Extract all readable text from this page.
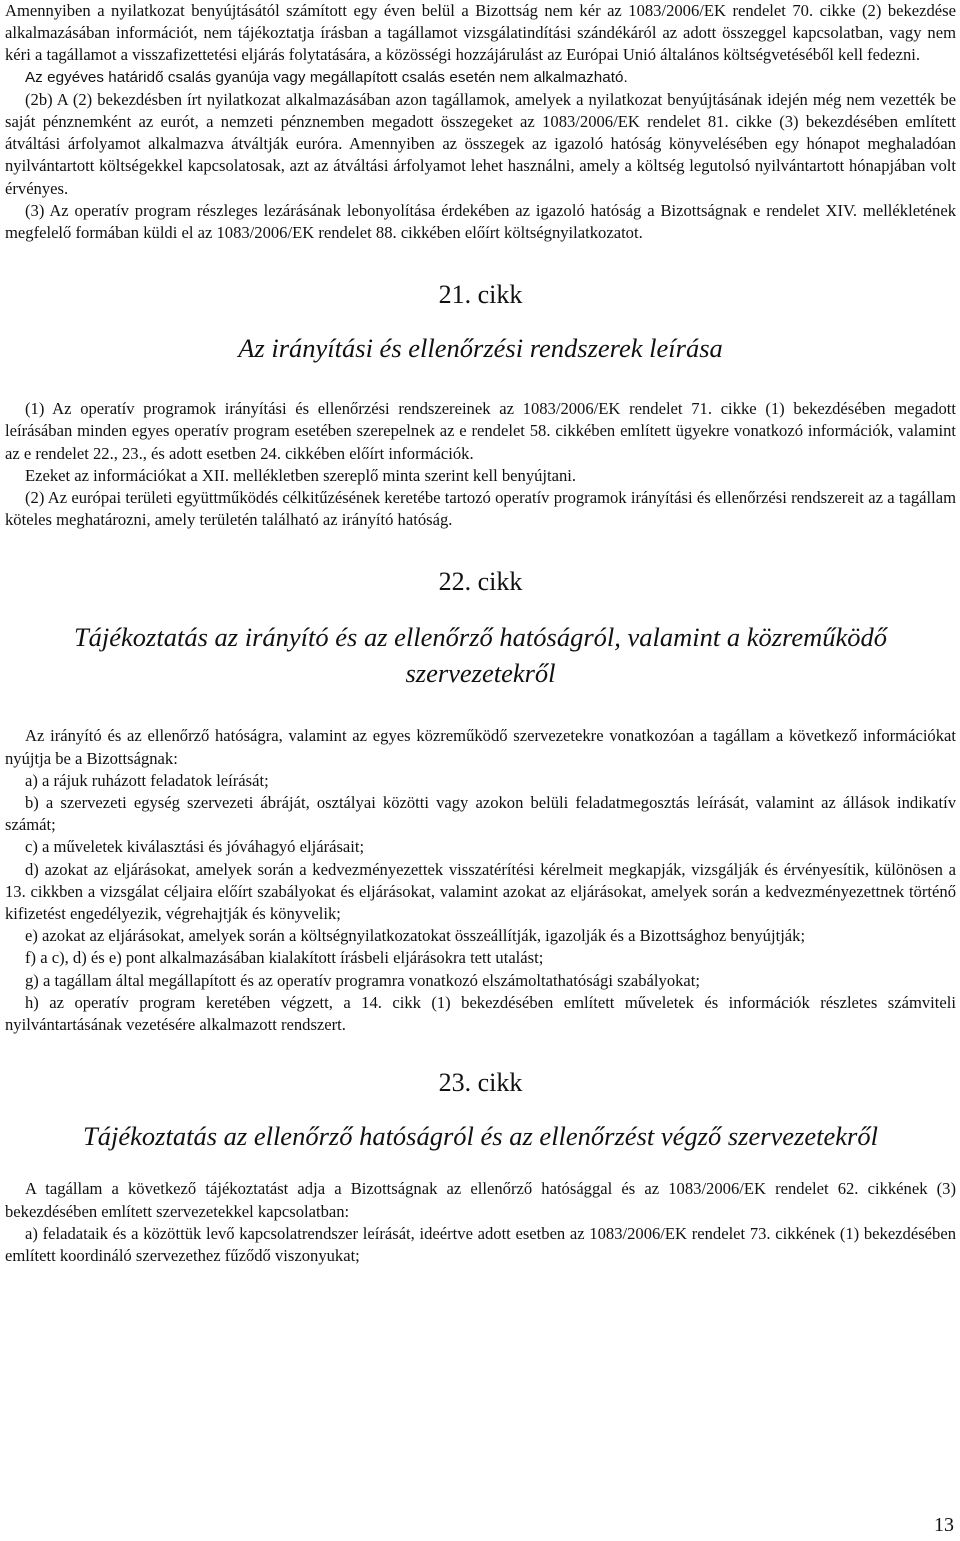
Amennyiben a nyilatkozat benyújtásától számított egy éven belül a Bizottság nem kér az 1083/2006/EK rendelet 70. cikke (2) bekezdése alkalmazásában információt, nem tájékoztatja írásban a tagállamot vizsgálatindítási szándékáról az adott összeggel kapcsolatban, vagy nem kéri a tagállamot a visszafizettetési eljárás folytatására, a közösségi hozzájárulást az Európai Unió általános költségvetéséből kell fedezni.

Az egyéves határidő csalás gyanúja vagy megállapított csalás esetén nem alkalmazható.

(2b) A (2) bekezdésben írt nyilatkozat alkalmazásában azon tagállamok, amelyek a nyilatkozat benyújtásának idején még nem vezették be saját pénznemként az eurót, a nemzeti pénznemben megadott összegeket az 1083/2006/EK rendelet 81. cikke (3) bekezdésében említett átváltási árfolyamot alkalmazva átváltják euróra. Amennyiben az összegek az igazoló hatóság könyvelésében egy hónapot meghaladóan nyilvántartott költségekkel kapcsolatosak, azt az átváltási árfolyamot lehet használni, amely a költség legutolsó nyilvántartott hónapjában volt érvényes.

(3) Az operatív program részleges lezárásának lebonyolítása érdekében az igazoló hatóság a Bizottságnak e rendelet XIV. mellékletének megfelelő formában küldi el az 1083/2006/EK rendelet 88. cikkében előírt költségnyilatkozatot.

21. cikk
Az irányítási és ellenőrzési rendszerek leírása

(1) Az operatív programok irányítási és ellenőrzési rendszereinek az 1083/2006/EK rendelet 71. cikke (1) bekezdésében megadott leírásában minden egyes operatív program esetében szerepelnek az e rendelet 58. cikkében említett ügyekre vonatkozó információk, valamint az e rendelet 22., 23., és adott esetben 24. cikkében előírt információk.

Ezeket az információkat a XII. mellékletben szereplő minta szerint kell benyújtani.

(2) Az európai területi együttműködés célkitűzésének keretébe tartozó operatív programok irányítási és ellenőrzési rendszereit az a tagállam köteles meghatározni, amely területén található az irányító hatóság.

22. cikk
Tájékoztatás az irányító és az ellenőrző hatóságról, valamint a közreműködő szervezetekről

Az irányító és az ellenőrző hatóságra, valamint az egyes közreműködő szervezetekre vonatkozóan a tagállam a következő információkat nyújtja be a Bizottságnak:

a) a rájuk ruházott feladatok leírását;

b) a szervezeti egység szervezeti ábráját, osztályai közötti vagy azokon belüli feladatmegosztás leírását, valamint az állások indikatív számát;

c) a műveletek kiválasztási és jóváhagyó eljárásait;

d) azokat az eljárásokat, amelyek során a kedvezményezettek visszatérítési kérelmeit megkapják, vizsgálják és érvényesítik, különösen a 13. cikkben a vizsgálat céljaira előírt szabályokat és eljárásokat, valamint azokat az eljárásokat, amelyek során a kedvezményezettnek történő kifizetést engedélyezik, végrehajtják és könyvelik;

e) azokat az eljárásokat, amelyek során a költségnyilatkozatokat összeállítják, igazolják és a Bizottsághoz benyújtják;

f) a c), d) és e) pont alkalmazásában kialakított írásbeli eljárásokra tett utalást;

g) a tagállam által megállapított és az operatív programra vonatkozó elszámoltathatósági szabályokat;

h) az operatív program keretében végzett, a 14. cikk (1) bekezdésében említett műveletek és információk részletes számviteli nyilvántartásának vezetésére alkalmazott rendszert.

23. cikk
Tájékoztatás az ellenőrző hatóságról és az ellenőrzést végző szervezetekről

A tagállam a következő tájékoztatást adja a Bizottságnak az ellenőrző hatósággal és az 1083/2006/EK rendelet 62. cikkének (3) bekezdésében említett szervezetekkel kapcsolatban:

a) feladataik és a közöttük levő kapcsolatrendszer leírását, ideértve adott esetben az 1083/2006/EK rendelet 73. cikkének (1) bekezdésében említett koordináló szervezethez fűződő viszonyukat;

13
